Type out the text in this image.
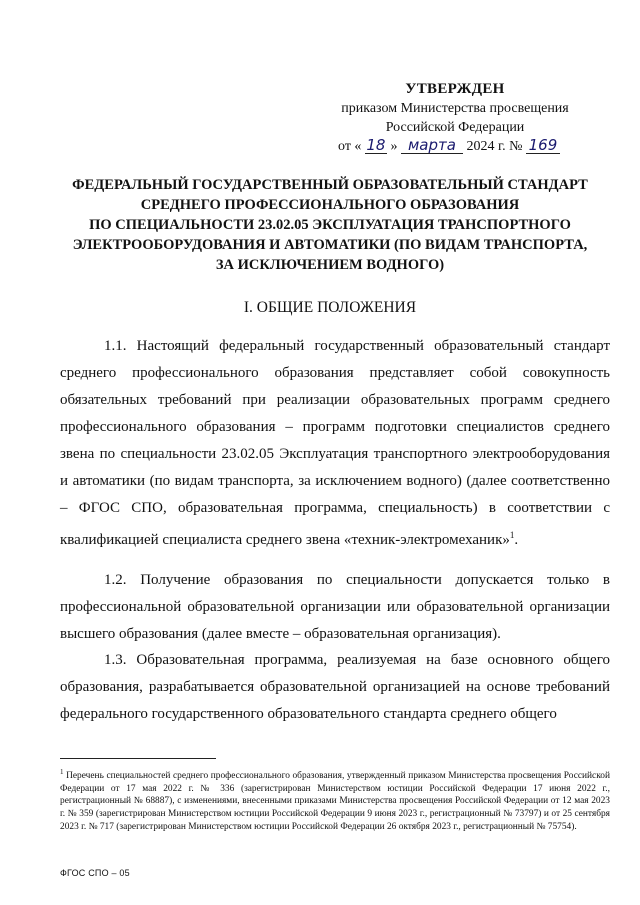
УТВЕРЖДЕН
приказом Министерства просвещения
Российской Федерации
от « 18 » марта 2024 г. № 169
ФЕДЕРАЛЬНЫЙ ГОСУДАРСТВЕННЫЙ ОБРАЗОВАТЕЛЬНЫЙ СТАНДАРТ
СРЕДНЕГО ПРОФЕССИОНАЛЬНОГО ОБРАЗОВАНИЯ
ПО СПЕЦИАЛЬНОСТИ 23.02.05 ЭКСПЛУАТАЦИЯ ТРАНСПОРТНОГО
ЭЛЕКТРООБОРУДОВАНИЯ И АВТОМАТИКИ (ПО ВИДАМ ТРАНСПОРТА,
ЗА ИСКЛЮЧЕНИЕМ ВОДНОГО)
I. ОБЩИЕ ПОЛОЖЕНИЯ

1.1. Настоящий федеральный государственный образовательный стандарт среднего профессионального образования представляет собой совокупность обязательных требований при реализации образовательных программ среднего профессионального образования – программ подготовки специалистов среднего звена по специальности 23.02.05 Эксплуатация транспортного электрооборудования и автоматики (по видам транспорта, за исключением водного) (далее соответственно – ФГОС СПО, образовательная программа, специальность) в соответствии с квалификацией специалиста среднего звена «техник-электромеханик»$^1$.

1.2. Получение образования по специальности допускается только в профессиональной образовательной организации или образовательной организации высшего образования (далее вместе – образовательная организация).

1.3. Образовательная программа, реализуемая на базе основного общего образования, разрабатывается образовательной организацией на основе требований федерального государственного образовательного стандарта среднего общего

$^1$ Перечень специальностей среднего профессионального образования, утвержденный приказом Министерства просвещения Российской Федерации от 17 мая 2022 г. № 336 (зарегистрирован Министерством юстиции Российской Федерации 17 июня 2022 г., регистрационный № 68887), с изменениями, внесенными приказами Министерства просвещения Российской Федерации от 12 мая 2023 г. № 359 (зарегистрирован Министерством юстиции Российской Федерации 9 июня 2023 г., регистрационный № 73797) и от 25 сентября 2023 г. № 717 (зарегистрирован Министерством юстиции Российской Федерации 26 октября 2023 г., регистрационный № 75754).

ФГОС СПО – 05
